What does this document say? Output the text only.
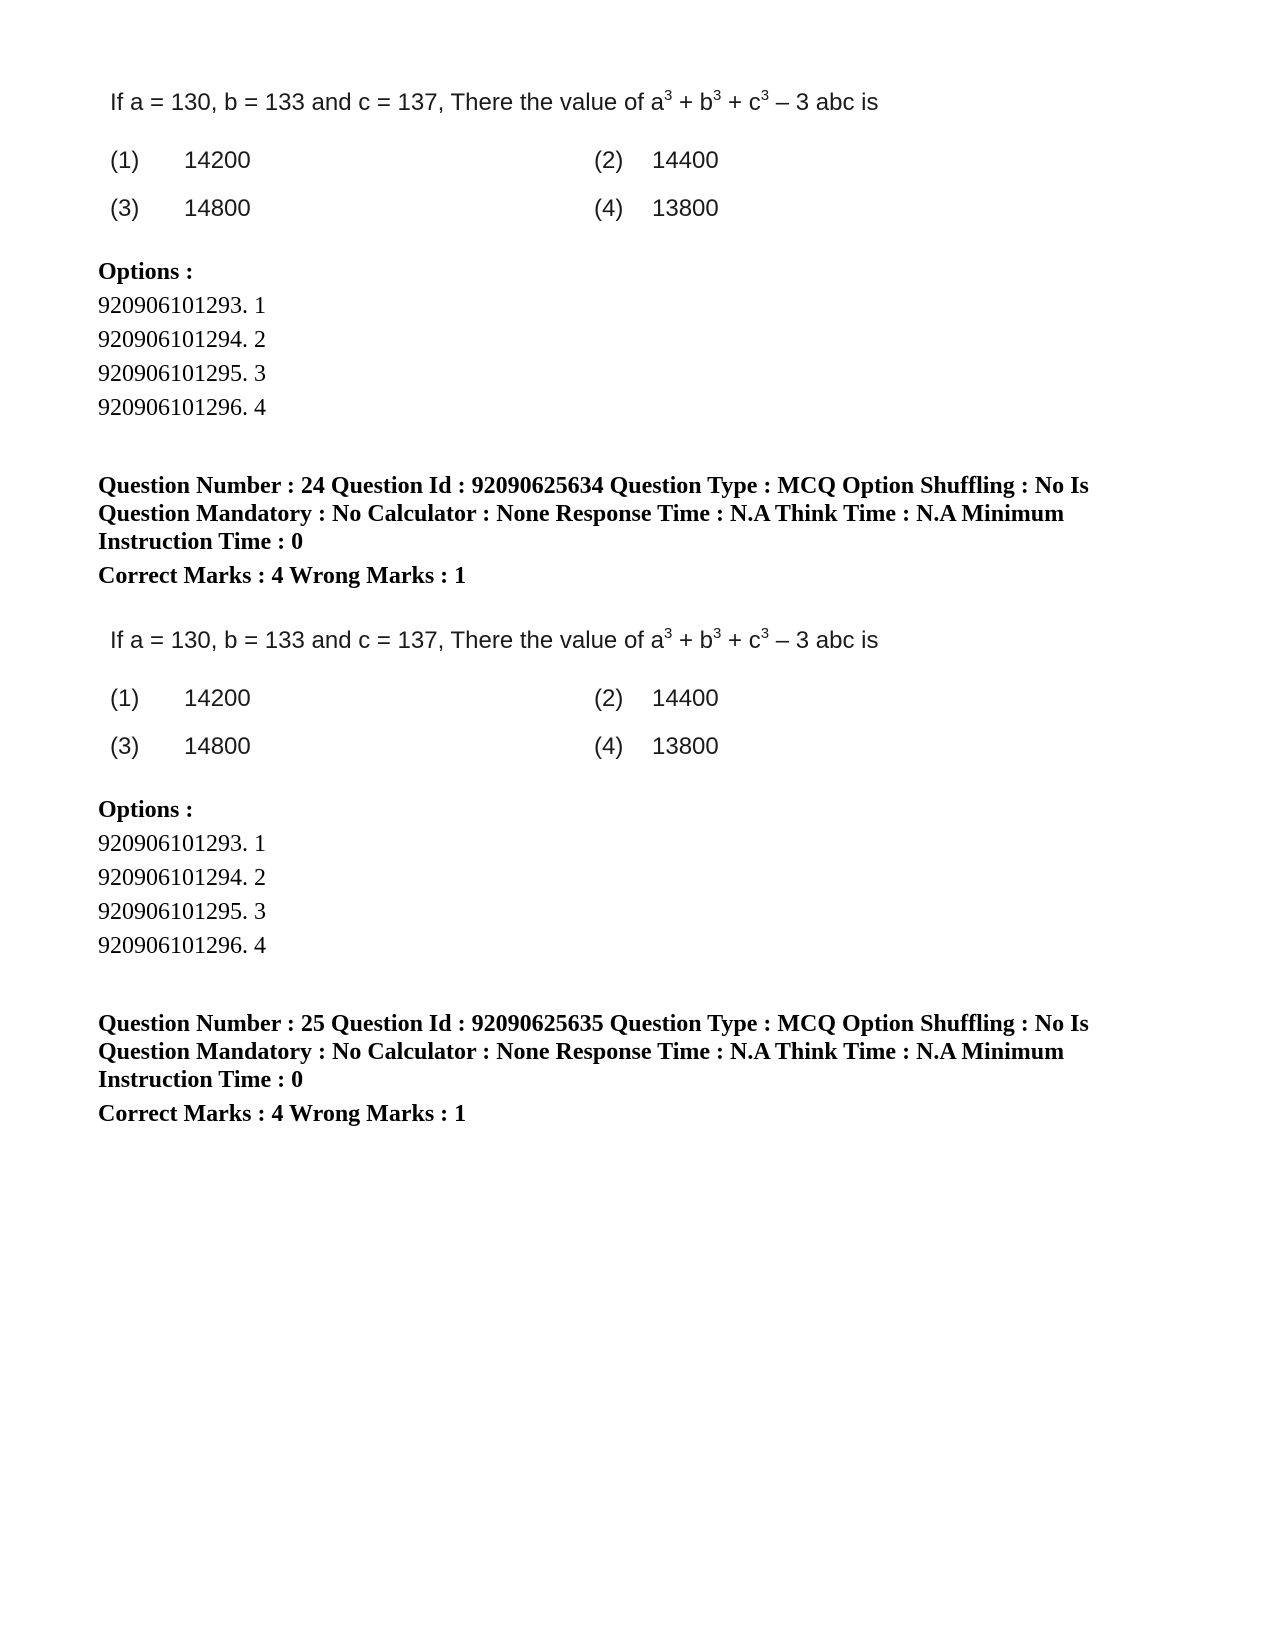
If a = 130, b = 133 and c = 137, There the value of $a^3 + b^3 + c^3 - 3$ abc is
(1) 14200	(2) 14400
(3) 14800	(4) 13800
Options :
920906101293. 1
920906101294. 2
920906101295. 3
920906101296. 4
Question Number : 24 Question Id : 92090625634 Question Type : MCQ Option Shuffling : No Is
Question Mandatory : No Calculator : None Response Time : N.A Think Time : N.A Minimum
Instruction Time : 0
Correct Marks : 4 Wrong Marks : 1
If a = 130, b = 133 and c = 137, There the value of $a^3 + b^3 + c^3 - 3$ abc is
(1) 14200	(2) 14400
(3) 14800	(4) 13800
Options :
920906101293. 1
920906101294. 2
920906101295. 3
920906101296. 4
Question Number : 25 Question Id : 92090625635 Question Type : MCQ Option Shuffling : No Is
Question Mandatory : No Calculator : None Response Time : N.A Think Time : N.A Minimum
Instruction Time : 0
Correct Marks : 4 Wrong Marks : 1
